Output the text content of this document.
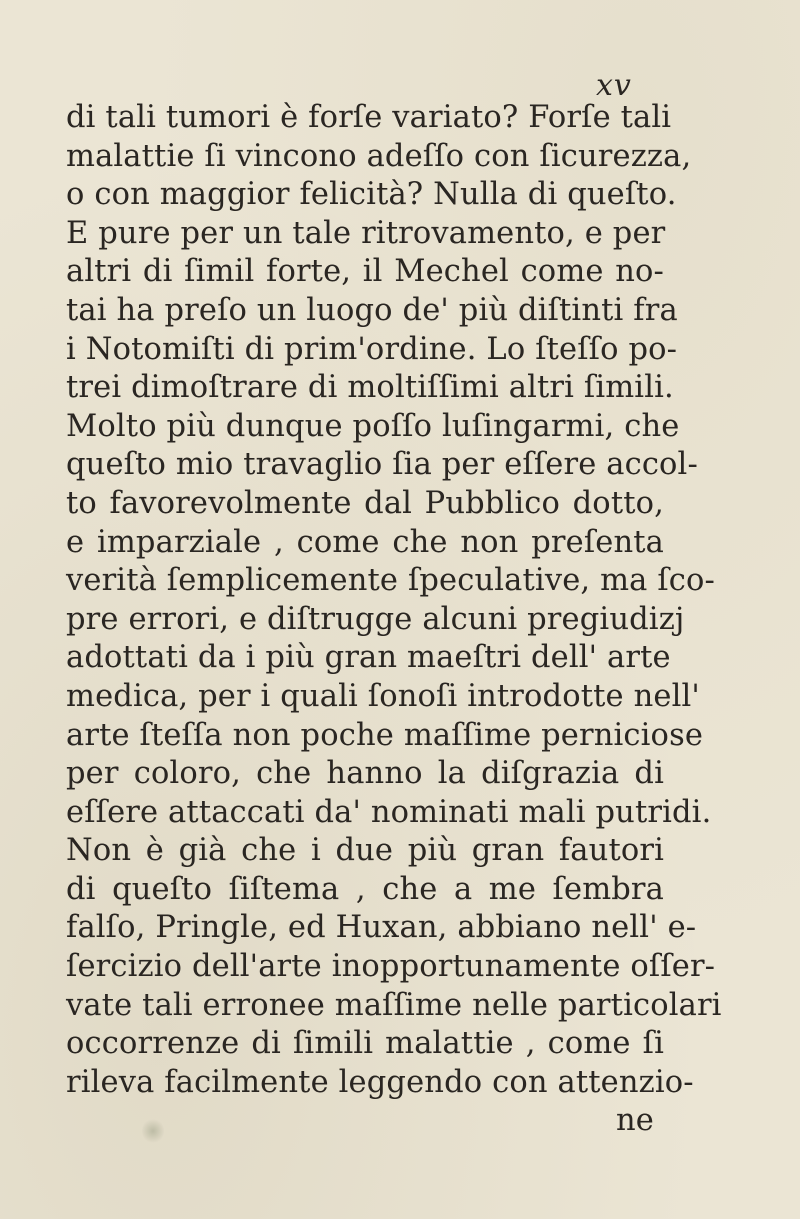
xv
di tali tumori è forſe variato? Forſe tali
malattie ſi vincono adeſſo con ſicurezza,
o con maggior felicità? Nulla di queſto.
E pure per un tale ritrovamento, e per
altri di ſimil forte, il Mechel come no-
tai ha preſo un luogo de' più diſtinti fra
i Notomiſti di prim'ordine. Lo ſteſſo po-
trei dimoſtrare di moltiſſimi altri ſimili.
Molto più dunque poſſo luſingarmi, che
queſto mio travaglio ſia per eſſere accol-
to favorevolmente dal Pubblico dotto,
e imparziale , come che non preſenta
verità ſemplicemente ſpeculative, ma ſco-
pre errori, e diſtrugge alcuni pregiudizj
adottati da i più gran maeſtri dell' arte
medica, per i quali ſonoſi introdotte nell'
arte ſteſſa non poche maſſime perniciose
per coloro, che hanno la diſgrazia di
eſſere attaccati da' nominati mali putridi.
Non è già che i due più gran fautori
di queſto ſiſtema , che a me ſembra
falſo, Pringle, ed Huxan, abbiano nell' e-
ſercizio dell'arte inopportunamente oſſer-
vate tali erronee maſſime nelle particolari
occorrenze di ſimili malattie , come ſi
rileva facilmente leggendo con attenzio-
ne
